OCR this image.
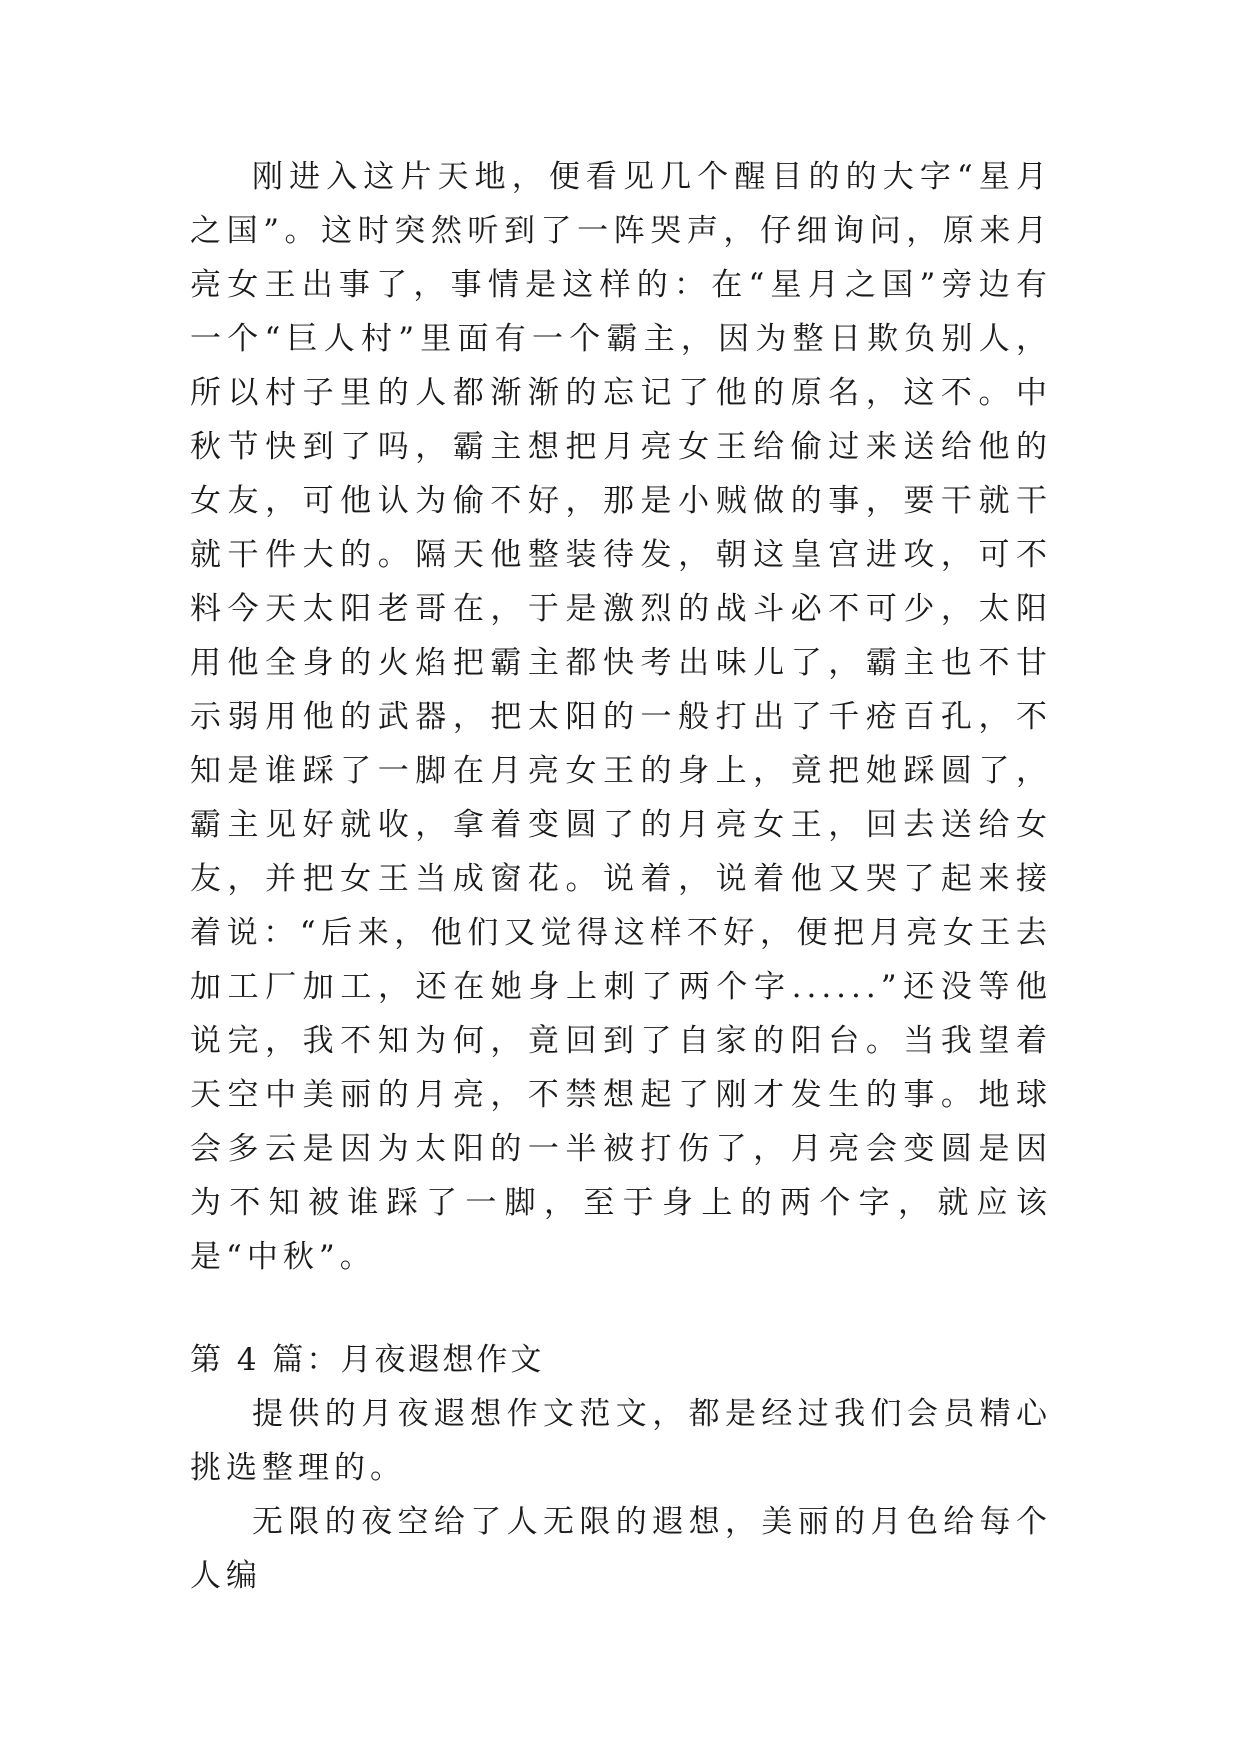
刚进入这片天地，便看见几个醒目的的大字“星月之国”。这时突然听到了一阵哭声，仔细询问，原来月亮女王出事了，事情是这样的：在“星月之国”旁边有一个“巨人村”里面有一个霸主，因为整日欺负别人，所以村子里的人都渐渐的忘记了他的原名，这不。中秋节快到了吗，霸主想把月亮女王给偷过来送给他的女友，可他认为偷不好，那是小贼做的事，要干就干就干件大的。隔天他整装待发，朝这皇宫进攻，可不料今天太阳老哥在，于是激烈的战斗必不可少，太阳用他全身的火焰把霸主都快考出味儿了，霸主也不甘示弱用他的武器，把太阳的一般打出了千疮百孔，不知是谁踩了一脚在月亮女王的身上，竟把她踩圆了，霸主见好就收，拿着变圆了的月亮女王，回去送给女友，并把女王当成窗花。说着，说着他又哭了起来接着说：“后来，他们又觉得这样不好，便把月亮女王去加工厂加工，还在她身上刺了两个字......”还没等他说完，我不知为何，竟回到了自家的阳台。当我望着天空中美丽的月亮，不禁想起了刚才发生的事。地球会多云是因为太阳的一半被打伤了，月亮会变圆是因为不知被谁踩了一脚，至于身上的两个字，就应该是“中秋”。

第 4 篇：月夜遐想作文

提供的月夜遐想作文范文，都是经过我们会员精心挑选整理的。

无限的夜空给了人无限的遐想，美丽的月色给每个人编
